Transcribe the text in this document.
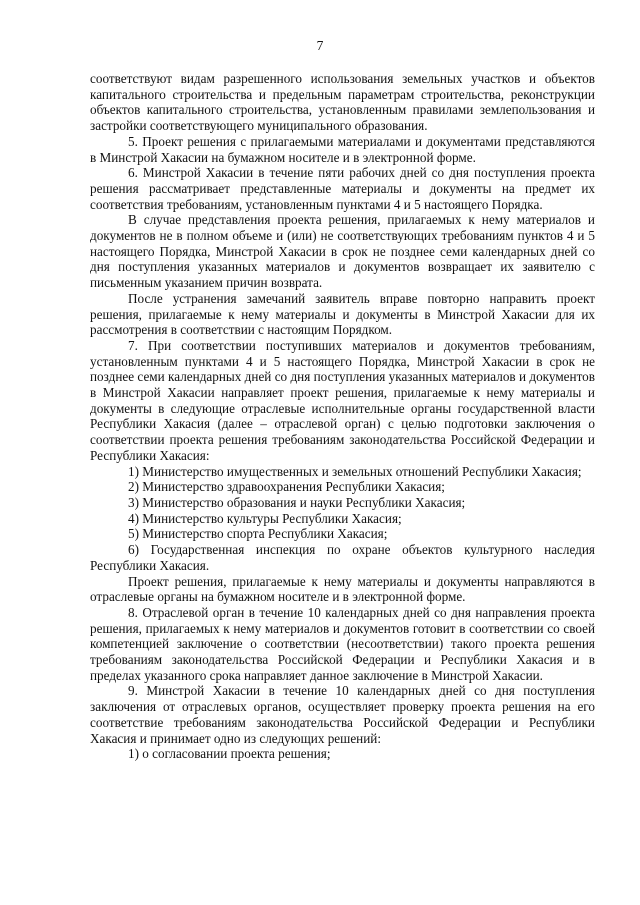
7

соответствуют видам разрешенного использования земельных участков и объектов капитального строительства и предельным параметрам строительства, реконструкции объектов капитального строительства, установленным правилами землепользования и застройки соответствующего муниципального образования.

5. Проект решения с прилагаемыми материалами и документами представляются в Минстрой Хакасии на бумажном носителе и в электронной форме.

6. Минстрой Хакасии в течение пяти рабочих дней со дня поступления проекта решения рассматривает представленные материалы и документы на предмет их соответствия требованиям, установленным пунктами 4 и 5 настоящего Порядка.

В случае представления проекта решения, прилагаемых к нему материалов и документов не в полном объеме и (или) не соответствующих требованиям пунктов 4 и 5 настоящего Порядка, Минстрой Хакасии в срок не позднее семи календарных дней со дня поступления указанных материалов и документов возвращает их заявителю с письменным указанием причин возврата.

После устранения замечаний заявитель вправе повторно направить проект решения, прилагаемые к нему материалы и документы в Минстрой Хакасии для их рассмотрения в соответствии с настоящим Порядком.

7. При соответствии поступивших материалов и документов требованиям, установленным пунктами 4 и 5 настоящего Порядка, Минстрой Хакасии в срок не позднее семи календарных дней со дня поступления указанных материалов и документов в Минстрой Хакасии направляет проект решения, прилагаемые к нему материалы и документы в следующие отраслевые исполнительные органы государственной власти Республики Хакасия (далее – отраслевой орган) с целью подготовки заключения о соответствии проекта решения требованиям законодательства Российской Федерации и Республики Хакасия:

1) Министерство имущественных и земельных отношений Республики Хакасия;

2) Министерство здравоохранения Республики Хакасия;

3) Министерство образования и науки Республики Хакасия;

4) Министерство культуры Республики Хакасия;

5) Министерство спорта Республики Хакасия;

6) Государственная инспекция по охране объектов культурного наследия Республики Хакасия.

Проект решения, прилагаемые к нему материалы и документы направляются в отраслевые органы на бумажном носителе и в электронной форме.

8. Отраслевой орган в течение 10 календарных дней со дня направления проекта решения, прилагаемых к нему материалов и документов готовит в соответствии со своей компетенцией заключение о соответствии (несоответствии) такого проекта решения требованиям законодательства Российской Федерации и Республики Хакасия и в пределах указанного срока направляет данное заключение в Минстрой Хакасии.

9. Минстрой Хакасии в течение 10 календарных дней со дня поступления заключения от отраслевых органов, осуществляет проверку проекта решения на его соответствие требованиям законодательства Российской Федерации и Республики Хакасия и принимает одно из следующих решений:

1) о согласовании проекта решения;
